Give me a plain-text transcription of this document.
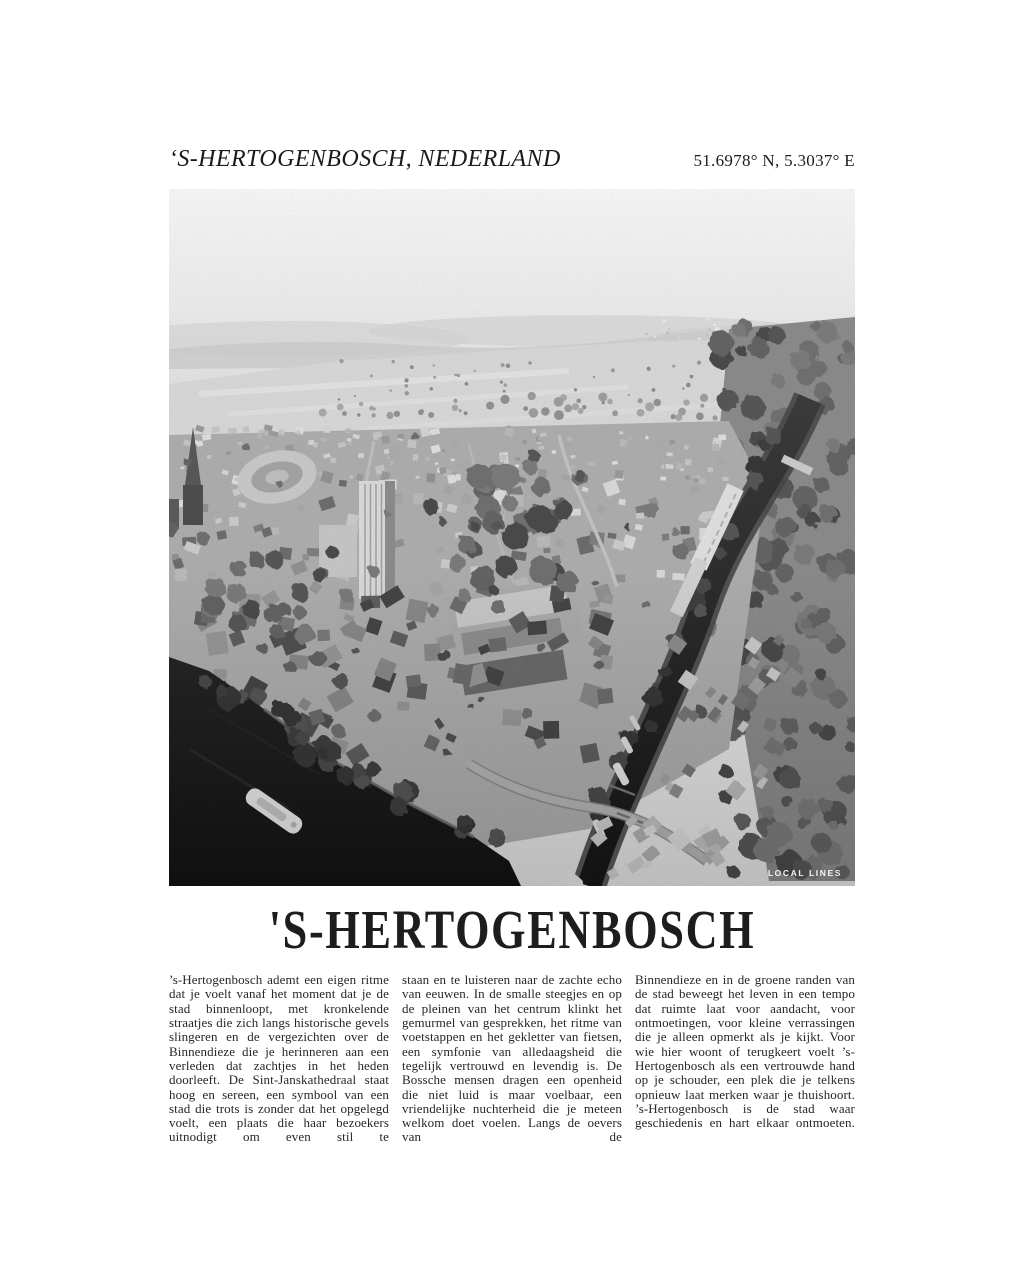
‘S-HERTOGENBOSCH, NEDERLAND	51.6978° N, 5.3037° E
LOCAL LINES
'S-HERTOGENBOSCH

’s-Hertogenbosch ademt een eigen ritme dat je voelt vanaf het moment dat je de stad binnenloopt, met kronkelende straatjes die zich langs historische gevels slingeren en de vergezichten over de Binnendieze die je herinneren aan een verleden dat zachtjes in het heden doorleeft. De Sint-Janskathedraal staat hoog en sereen, een symbool van een stad die trots is zonder dat het opgelegd voelt, een plaats die haar bezoekers uitnodigt om even stil te

staan en te luisteren naar de zachte echo van eeuwen. In de smalle steegjes en op de pleinen van het centrum klinkt het gemurmel van gesprekken, het ritme van voetstappen en het gekletter van fietsen, een symfonie van alledaagsheid die tegelijk vertrouwd en levendig is. De Bossche mensen dragen een openheid die niet luid is maar voelbaar, een vriendelijke nuchterheid die je meteen welkom doet voelen. Langs de oevers van de

Binnendieze en in de groene randen van de stad beweegt het leven in een tempo dat ruimte laat voor aandacht, voor ontmoetingen, voor kleine verrassingen die je alleen opmerkt als je kijkt. Voor wie hier woont of terugkeert voelt ’s-Hertogenbosch als een vertrouwde hand op je schouder, een plek die je telkens opnieuw laat merken waar je thuishoort. ’s-Hertogenbosch is de stad waar geschiedenis en hart elkaar ontmoeten.
